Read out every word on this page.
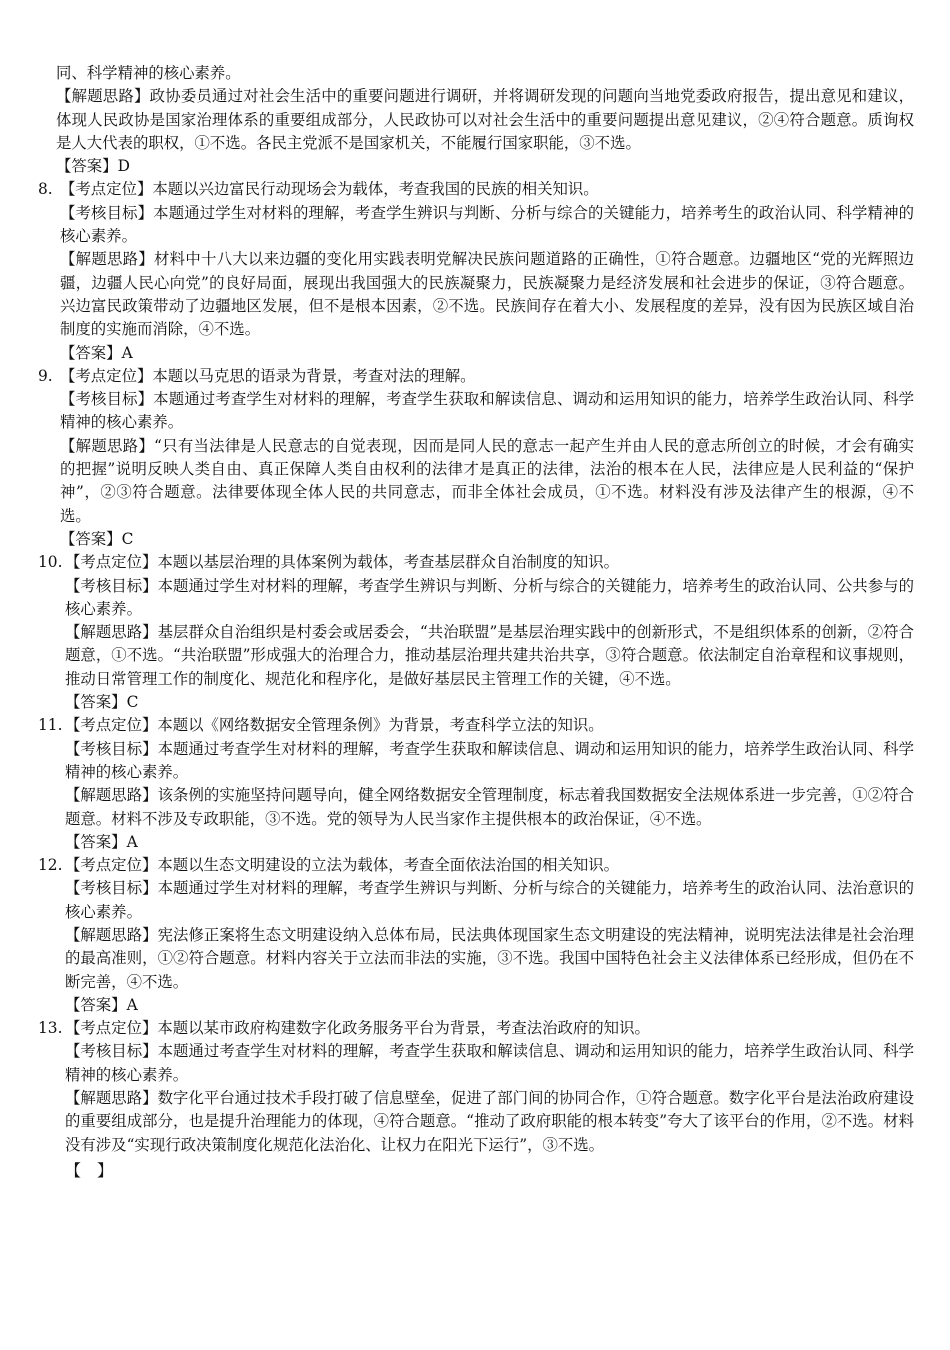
同、科学精神的核心素养。

【解题思路】政协委员通过对社会生活中的重要问题进行调研，并将调研发现的问题向当地党委政府报告，提出意见和建议，体现人民政协是国家治理体系的重要组成部分，人民政协可以对社会生活中的重要问题提出意见建议，②④符合题意。质询权是人大代表的职权，①不选。各民主党派不是国家机关，不能履行国家职能，③不选。

【答案】D

8. 【考点定位】本题以兴边富民行动现场会为载体，考查我国的民族的相关知识。

【考核目标】本题通过学生对材料的理解，考查学生辨识与判断、分析与综合的关键能力，培养考生的政治认同、科学精神的核心素养。

【解题思路】材料中十八大以来边疆的变化用实践表明党解决民族问题道路的正确性，①符合题意。边疆地区“党的光辉照边疆，边疆人民心向党”的良好局面，展现出我国强大的民族凝聚力，民族凝聚力是经济发展和社会进步的保证，③符合题意。兴边富民政策带动了边疆地区发展，但不是根本因素，②不选。民族间存在着大小、发展程度的差异，没有因为民族区域自治制度的实施而消除，④不选。

【答案】A

9. 【考点定位】本题以马克思的语录为背景，考查对法的理解。

【考核目标】本题通过考查学生对材料的理解，考查学生获取和解读信息、调动和运用知识的能力，培养学生政治认同、科学精神的核心素养。

【解题思路】“只有当法律是人民意志的自觉表现，因而是同人民的意志一起产生并由人民的意志所创立的时候，才会有确实的把握”说明反映人类自由、真正保障人类自由权利的法律才是真正的法律，法治的根本在人民，法律应是人民利益的“保护神”，②③符合题意。法律要体现全体人民的共同意志，而非全体社会成员，①不选。材料没有涉及法律产生的根源，④不选。

【答案】C

10. 【考点定位】本题以基层治理的具体案例为载体，考查基层群众自治制度的知识。

【考核目标】本题通过学生对材料的理解，考查学生辨识与判断、分析与综合的关键能力，培养考生的政治认同、公共参与的核心素养。

【解题思路】基层群众自治组织是村委会或居委会，“共治联盟”是基层治理实践中的创新形式，不是组织体系的创新，②符合题意，①不选。“共治联盟”形成强大的治理合力，推动基层治理共建共治共享，③符合题意。依法制定自治章程和议事规则，推动日常管理工作的制度化、规范化和程序化，是做好基层民主管理工作的关键，④不选。

【答案】C

11. 【考点定位】本题以《网络数据安全管理条例》为背景，考查科学立法的知识。

【考核目标】本题通过考查学生对材料的理解，考查学生获取和解读信息、调动和运用知识的能力，培养学生政治认同、科学精神的核心素养。

【解题思路】该条例的实施坚持问题导向，健全网络数据安全管理制度，标志着我国数据安全法规体系进一步完善，①②符合题意。材料不涉及专政职能，③不选。党的领导为人民当家作主提供根本的政治保证，④不选。

【答案】A

12. 【考点定位】本题以生态文明建设的立法为载体，考查全面依法治国的相关知识。

【考核目标】本题通过学生对材料的理解，考查学生辨识与判断、分析与综合的关键能力，培养考生的政治认同、法治意识的核心素养。

【解题思路】宪法修正案将生态文明建设纳入总体布局，民法典体现国家生态文明建设的宪法精神，说明宪法法律是社会治理的最高准则，①②符合题意。材料内容关于立法而非法的实施，③不选。我国中国特色社会主义法律体系已经形成，但仍在不断完善，④不选。

【答案】A

13. 【考点定位】本题以某市政府构建数字化政务服务平台为背景，考查法治政府的知识。

【考核目标】本题通过考查学生对材料的理解，考查学生获取和解读信息、调动和运用知识的能力，培养学生政治认同、科学精神的核心素养。

【解题思路】数字化平台通过技术手段打破了信息壁垒，促进了部门间的协同合作，①符合题意。数字化平台是法治政府建设的重要组成部分，也是提升治理能力的体现，④符合题意。“推动了政府职能的根本转变”夸大了该平台的作用，②不选。材料没有涉及“实现行政决策制度化规范化法治化、让权力在阳光下运行”，③不选。

【　】
